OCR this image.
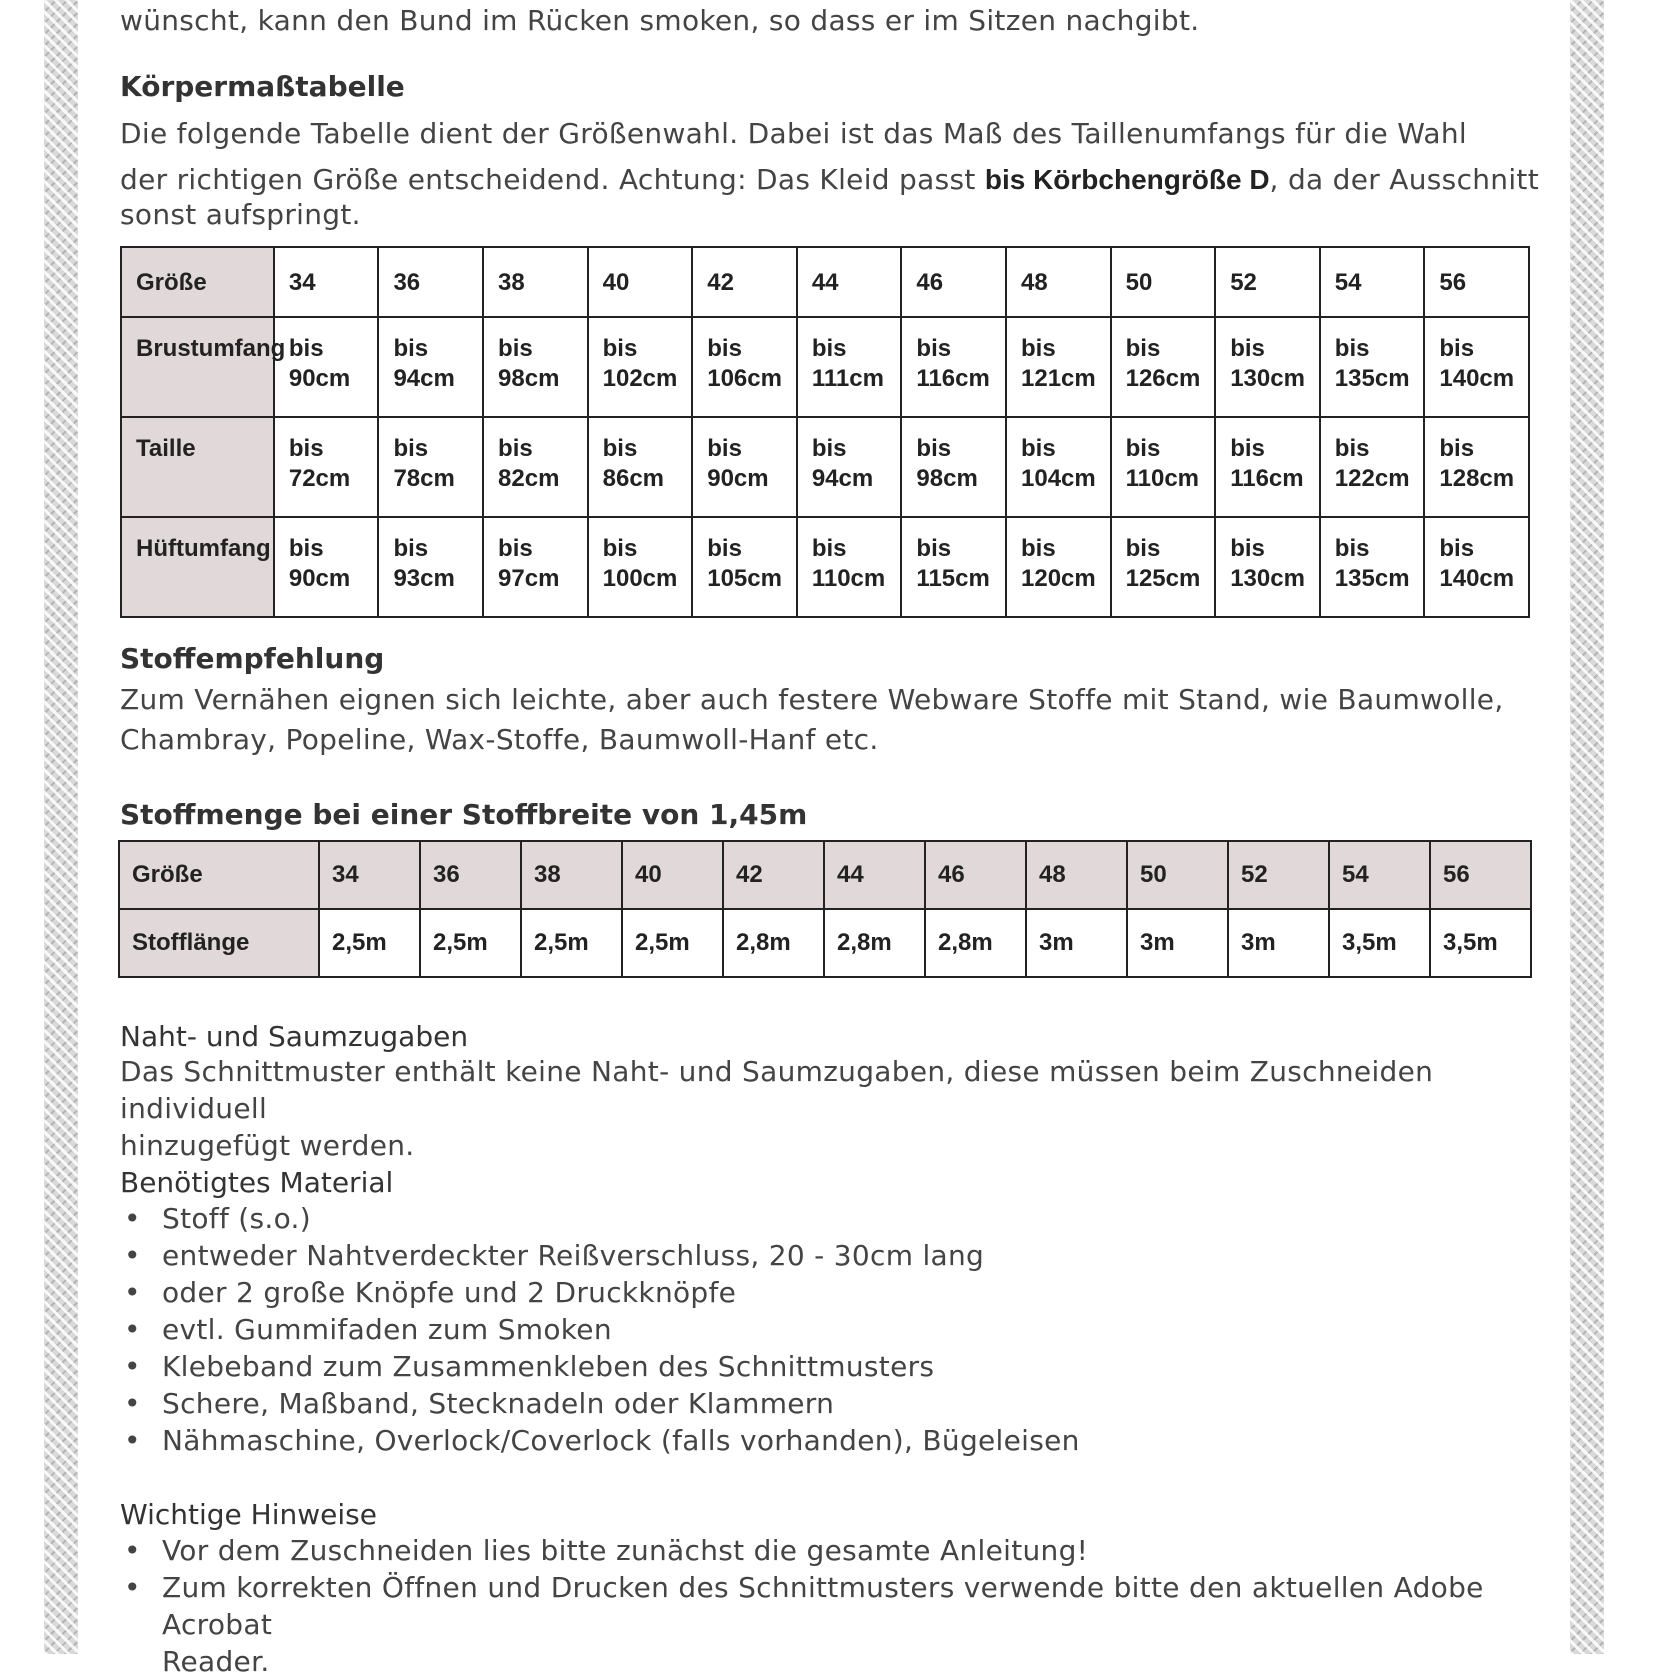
wünscht, kann den Bund im Rücken smoken, so dass er im Sitzen nachgibt.
Körpermaßtabelle
Die folgende Tabelle dient der Größenwahl. Dabei ist das Maß des Taillenumfangs für die Wahl
der richtigen Größe entscheidend. Achtung: Das Kleid passt bis Körbchengröße D, da der Ausschnitt
sonst aufspringt.
Größe	34	36	38	40	42	44	46	48	50	52	54	56
Brustumfang	bis 90cm	bis 94cm	bis 98cm	bis 102cm	bis 106cm	bis 111cm	bis 116cm	bis 121cm	bis 126cm	bis 130cm	bis 135cm	bis 140cm
Taille	bis 72cm	bis 78cm	bis 82cm	bis 86cm	bis 90cm	bis 94cm	bis 98cm	bis 104cm	bis 110cm	bis 116cm	bis 122cm	bis 128cm
Hüftumfang	bis 90cm	bis 93cm	bis 97cm	bis 100cm	bis 105cm	bis 110cm	bis 115cm	bis 120cm	bis 125cm	bis 130cm	bis 135cm	bis 140cm
Stoffempfehlung
Zum Vernähen eignen sich leichte, aber auch festere Webware Stoffe mit Stand, wie Baumwolle,
Chambray, Popeline, Wax-Stoffe, Baumwoll-Hanf etc.
Stoffmenge bei einer Stoffbreite von 1,45m
Größe	34	36	38	40	42	44	46	48	50	52	54	56
Stofflänge	2,5m	2,5m	2,5m	2,5m	2,8m	2,8m	2,8m	3m	3m	3m	3,5m	3,5m
Naht- und Saumzugaben
Das Schnittmuster enthält keine Naht- und Saumzugaben, diese müssen beim Zuschneiden individuell
hinzugefügt werden.
Benötigtes Material
• Stoff (s.o.)
• entweder Nahtverdeckter Reißverschluss, 20 - 30cm lang
• oder 2 große Knöpfe und 2 Druckknöpfe
• evtl. Gummifaden zum Smoken
• Klebeband zum Zusammenkleben des Schnittmusters
• Schere, Maßband, Stecknadeln oder Klammern
• Nähmaschine, Overlock/Coverlock (falls vorhanden), Bügeleisen
Wichtige Hinweise
• Vor dem Zuschneiden lies bitte zunächst die gesamte Anleitung!
• Zum korrekten Öffnen und Drucken des Schnittmusters verwende bitte den aktuellen Adobe Acrobat
Reader.
